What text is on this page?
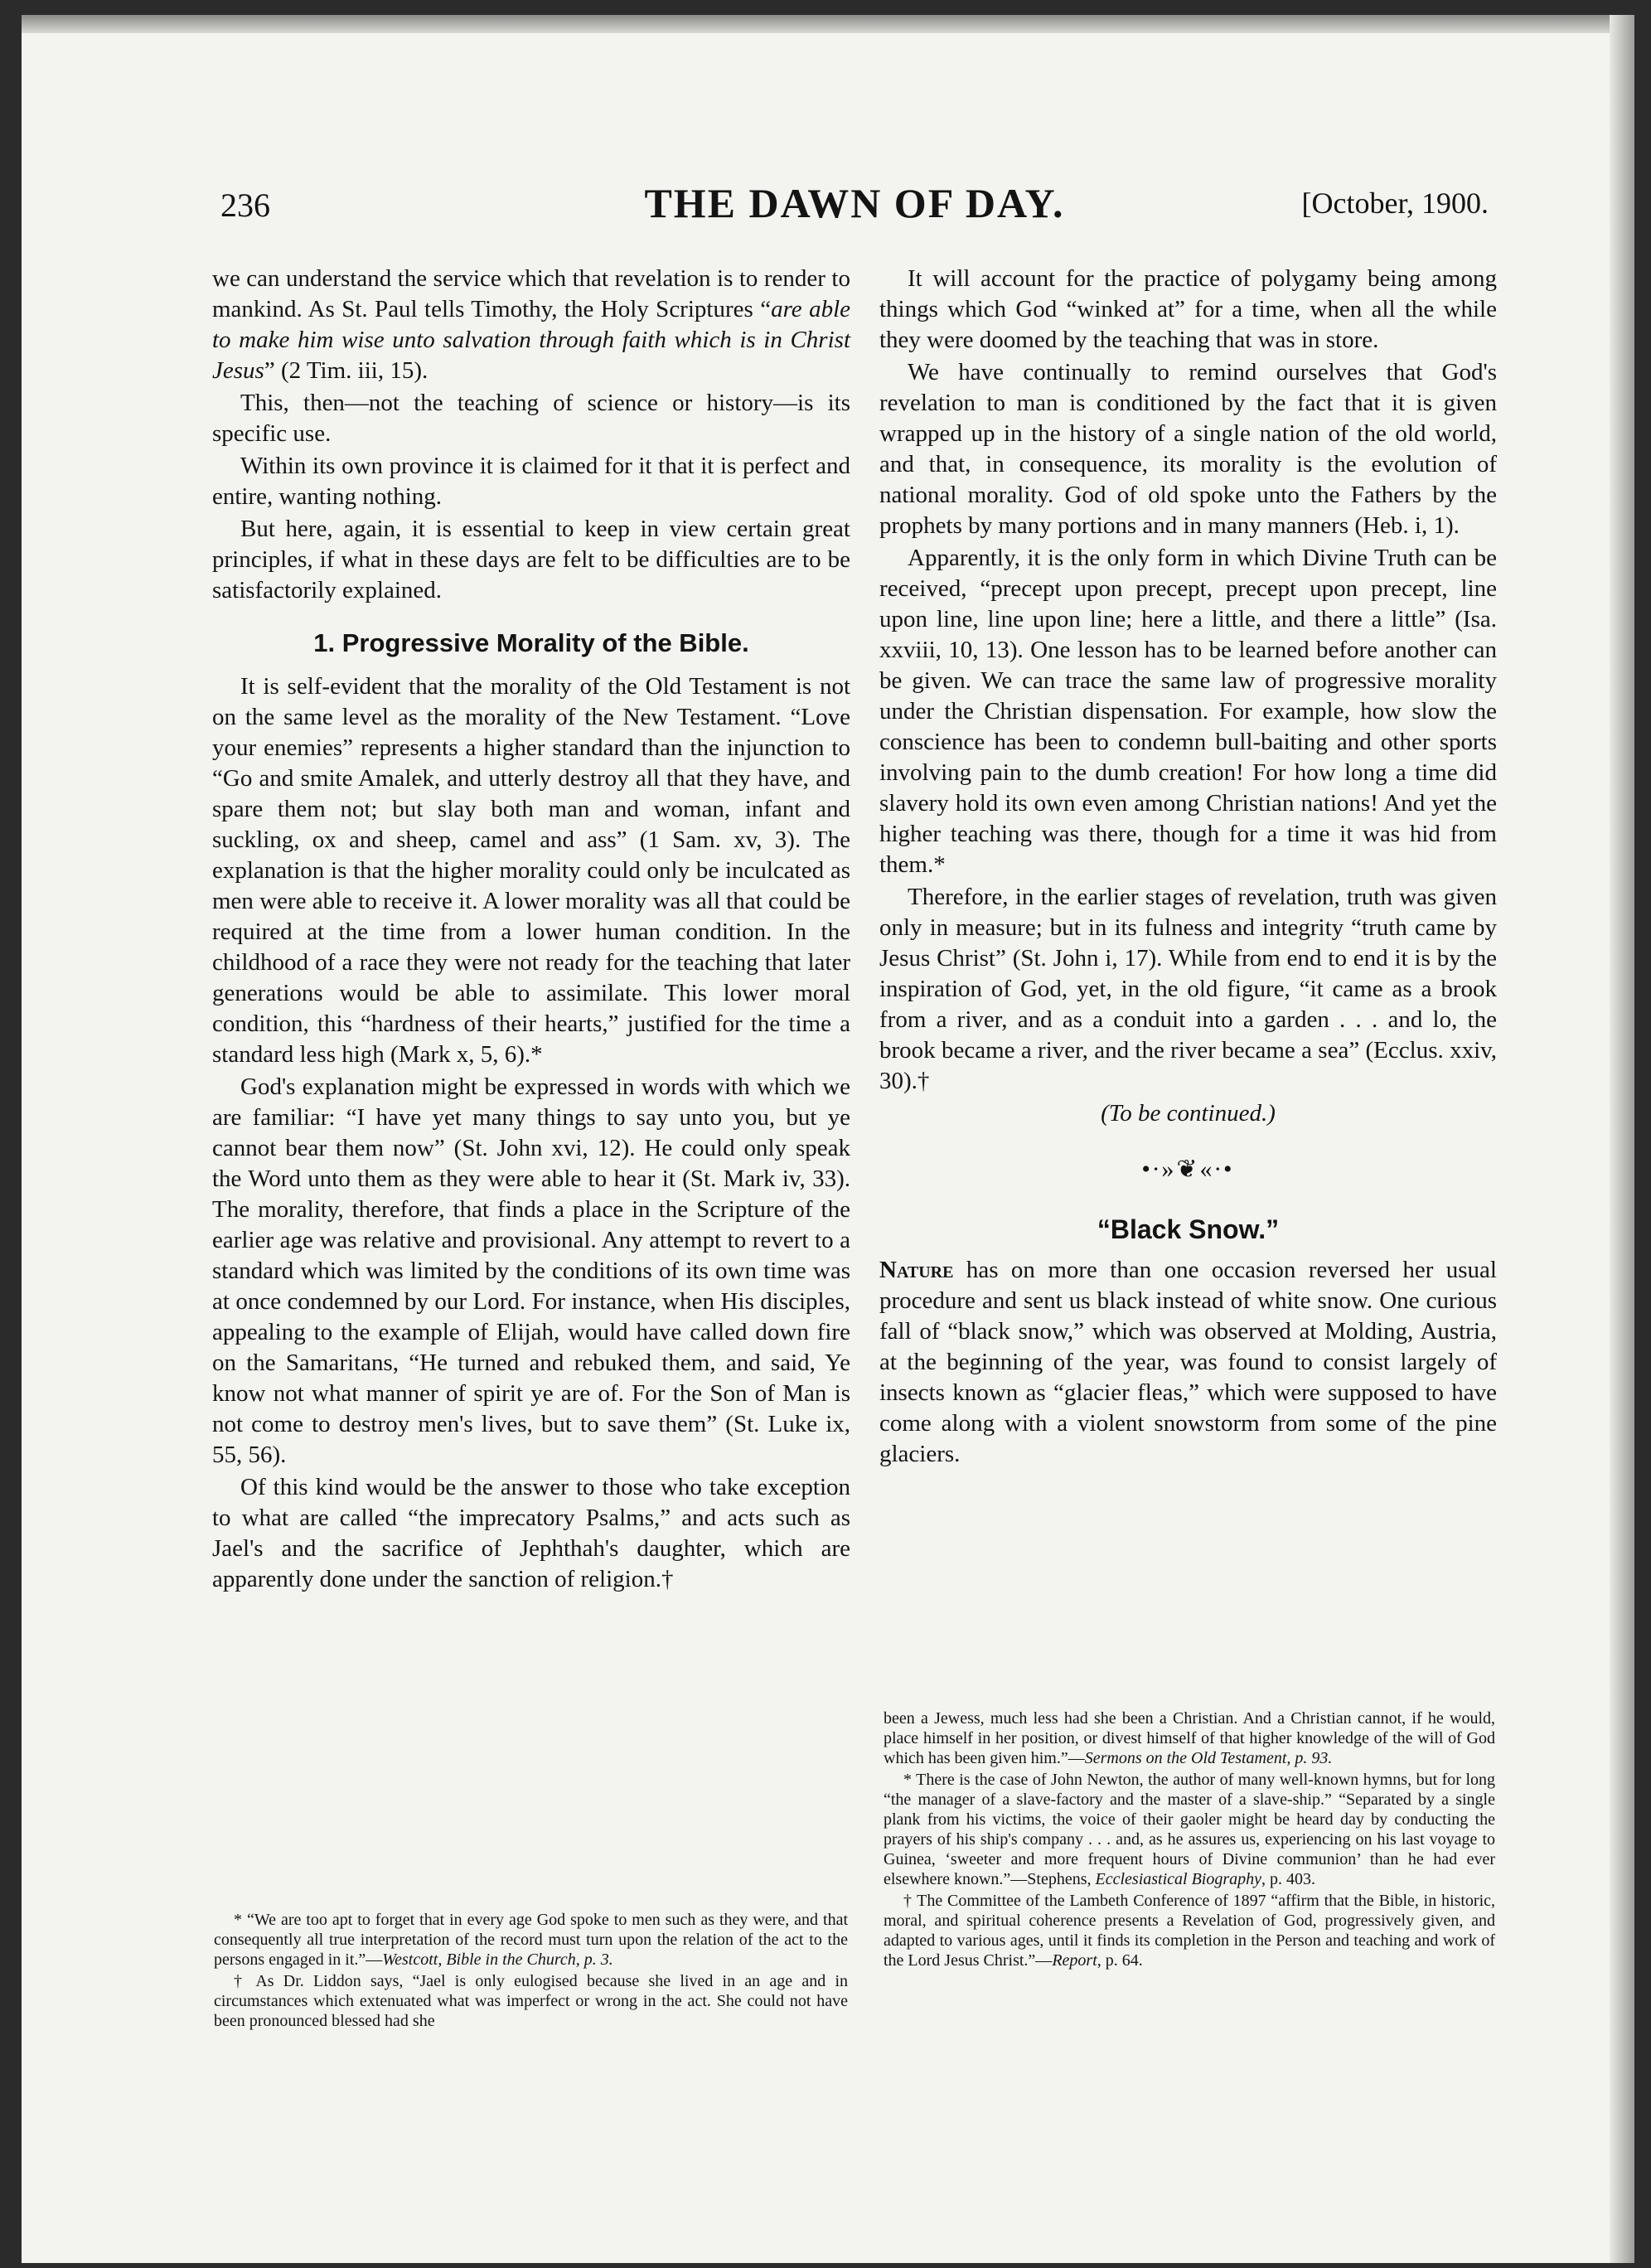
236	THE DAWN OF DAY.	[October, 1900.

we can understand the service which that revelation is to render to mankind. As St. Paul tells Timothy, the Holy Scriptures “are able to make him wise unto salvation through faith which is in Christ Jesus” (2 Tim. iii, 15).

This, then—not the teaching of science or history—is its specific use.

Within its own province it is claimed for it that it is perfect and entire, wanting nothing.

But here, again, it is essential to keep in view certain great principles, if what in these days are felt to be difficulties are to be satisfactorily explained.

1. Progressive Morality of the Bible.

It is self-evident that the morality of the Old Testament is not on the same level as the morality of the New Testament. “Love your enemies” represents a higher standard than the injunction to “Go and smite Amalek, and utterly destroy all that they have, and spare them not; but slay both man and woman, infant and suckling, ox and sheep, camel and ass” (1 Sam. xv, 3). The explanation is that the higher morality could only be inculcated as men were able to receive it. A lower morality was all that could be required at the time from a lower human condition. In the childhood of a race they were not ready for the teaching that later generations would be able to assimilate. This lower moral condition, this “hardness of their hearts,” justified for the time a standard less high (Mark x, 5, 6).*

God's explanation might be expressed in words with which we are familiar: “I have yet many things to say unto you, but ye cannot bear them now” (St. John xvi, 12). He could only speak the Word unto them as they were able to hear it (St. Mark iv, 33). The morality, therefore, that finds a place in the Scripture of the earlier age was relative and provisional. Any attempt to revert to a standard which was limited by the conditions of its own time was at once condemned by our Lord. For instance, when His disciples, appealing to the example of Elijah, would have called down fire on the Samaritans, “He turned and rebuked them, and said, Ye know not what manner of spirit ye are of. For the Son of Man is not come to destroy men's lives, but to save them” (St. Luke ix, 55, 56).

Of this kind would be the answer to those who take exception to what are called “the imprecatory Psalms,” and acts such as Jael's and the sacrifice of Jephthah's daughter, which are apparently done under the sanction of religion.†

* “We are too apt to forget that in every age God spoke to men such as they were, and that consequently all true interpretation of the record must turn upon the relation of the act to the persons engaged in it.”—Westcott, Bible in the Church, p. 3.

† As Dr. Liddon says, “Jael is only eulogised because she lived in an age and in circumstances which extenuated what was imperfect or wrong in the act. She could not have been pronounced blessed had she

It will account for the practice of polygamy being among things which God “winked at” for a time, when all the while they were doomed by the teaching that was in store.

We have continually to remind ourselves that God's revelation to man is conditioned by the fact that it is given wrapped up in the history of a single nation of the old world, and that, in consequence, its morality is the evolution of national morality. God of old spoke unto the Fathers by the prophets by many portions and in many manners (Heb. i, 1).

Apparently, it is the only form in which Divine Truth can be received, “precept upon precept, precept upon precept, line upon line, line upon line; here a little, and there a little” (Isa. xxviii, 10, 13). One lesson has to be learned before another can be given. We can trace the same law of progressive morality under the Christian dispensation. For example, how slow the conscience has been to condemn bull-baiting and other sports involving pain to the dumb creation! For how long a time did slavery hold its own even among Christian nations! And yet the higher teaching was there, though for a time it was hid from them.*

Therefore, in the earlier stages of revelation, truth was given only in measure; but in its fulness and integrity “truth came by Jesus Christ” (St. John i, 17). While from end to end it is by the inspiration of God, yet, in the old figure, “it came as a brook from a river, and as a conduit into a garden . . . and lo, the brook became a river, and the river became a sea” (Ecclus. xxiv, 30).†

(To be continued.)

•∙»❦«∙•
“Black Snow.”

Nature has on more than one occasion reversed her usual procedure and sent us black instead of white snow. One curious fall of “black snow,” which was observed at Molding, Austria, at the beginning of the year, was found to consist largely of insects known as “glacier fleas,” which were supposed to have come along with a violent snowstorm from some of the pine glaciers.

been a Jewess, much less had she been a Christian. And a Christian cannot, if he would, place himself in her position, or divest himself of that higher knowledge of the will of God which has been given him.”—Sermons on the Old Testament, p. 93.

* There is the case of John Newton, the author of many well-known hymns, but for long “the manager of a slave-factory and the master of a slave-ship.” “Separated by a single plank from his victims, the voice of their gaoler might be heard day by conducting the prayers of his ship's company . . . and, as he assures us, experiencing on his last voyage to Guinea, ‘sweeter and more frequent hours of Divine communion’ than he had ever elsewhere known.”—Stephens, Ecclesiastical Biography, p. 403.

† The Committee of the Lambeth Conference of 1897 “affirm that the Bible, in historic, moral, and spiritual coherence presents a Revelation of God, progressively given, and adapted to various ages, until it finds its completion in the Person and teaching and work of the Lord Jesus Christ.”—Report, p. 64.
